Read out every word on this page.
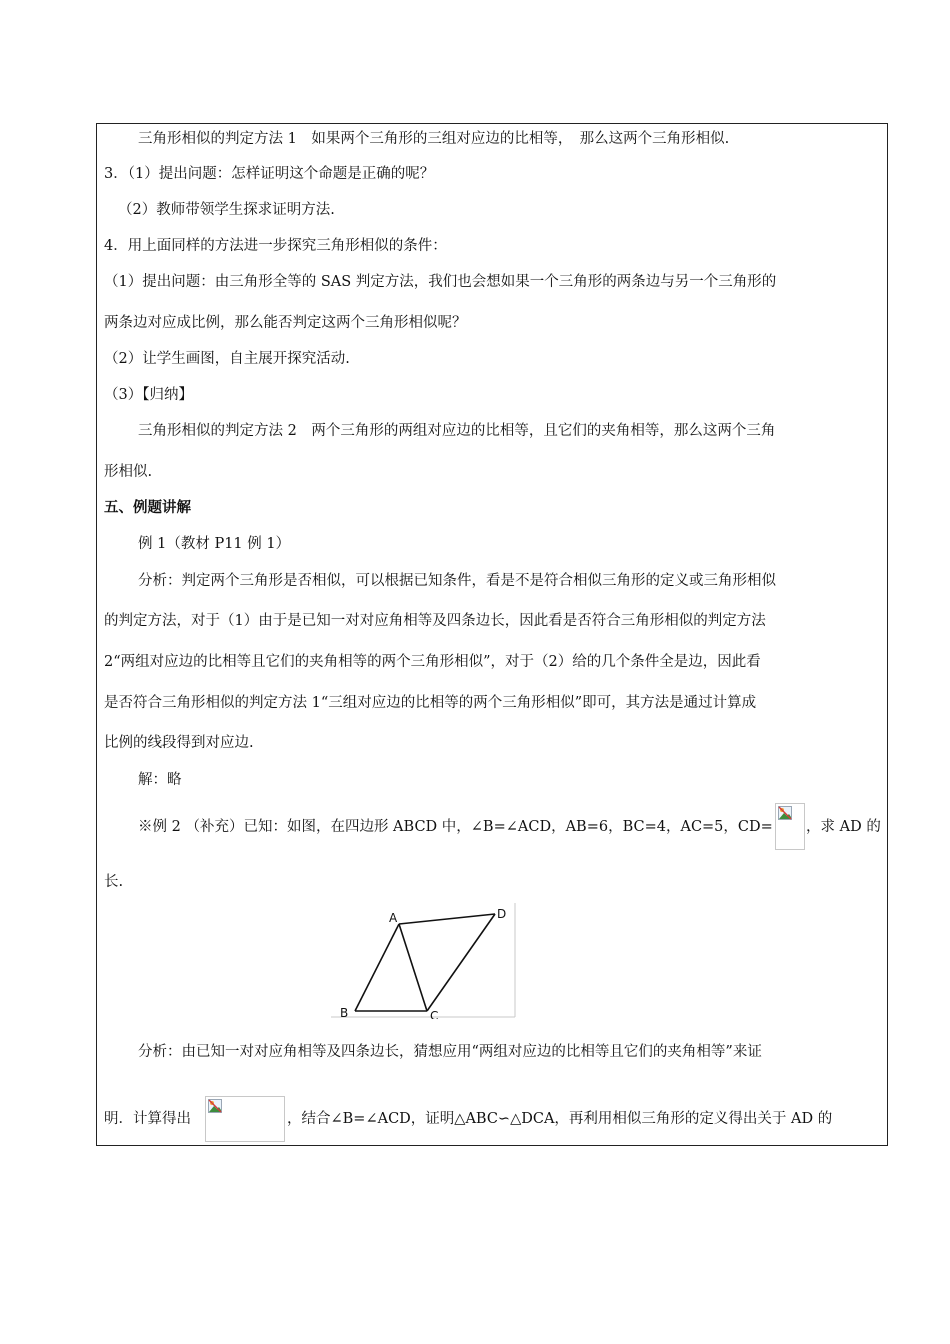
三角形相似的判定方法 1　如果两个三角形的三组对应边的比相等，　那么这两个三角形相似.
3．（1）提出问题：怎样证明这个命题是正确的呢？
（2）教师带领学生探求证明方法.
4．用上面同样的方法进一步探究三角形相似的条件：
（1）提出问题：由三角形全等的 SAS 判定方法，我们也会想如果一个三角形的两条边与另一个三角形的
两条边对应成比例，那么能否判定这两个三角形相似呢？
（2）让学生画图，自主展开探究活动.
（3）【归纳】
三角形相似的判定方法 2　两个三角形的两组对应边的比相等，且它们的夹角相等，那么这两个三角
形相似.
五、例题讲解
例 1（教材 P11 例 1）
分析：判定两个三角形是否相似，可以根据已知条件，看是不是符合相似三角形的定义或三角形相似
的判定方法，对于（1）由于是已知一对对应角相等及四条边长，因此看是否符合三角形相似的判定方法
2“两组对应边的比相等且它们的夹角相等的两个三角形相似”，对于（2）给的几个条件全是边，因此看
是否符合三角形相似的判定方法 1“三组对应边的比相等的两个三角形相似”即可，其方法是通过计算成
比例的线段得到对应边.
解：略
※例 2 （补充）已知：如图，在四边形 ABCD 中，∠B=∠ACD，AB=6，BC=4，AC=5，CD= ，求 AD 的
长.
A
B	C
D
分析：由已知一对对应角相等及四条边长，猜想应用“两组对应边的比相等且它们的夹角相等”来证
明．计算得出	，结合∠B=∠ACD，证明△ABC∽△DCA，再利用相似三角形的定义得出关于 AD 的
